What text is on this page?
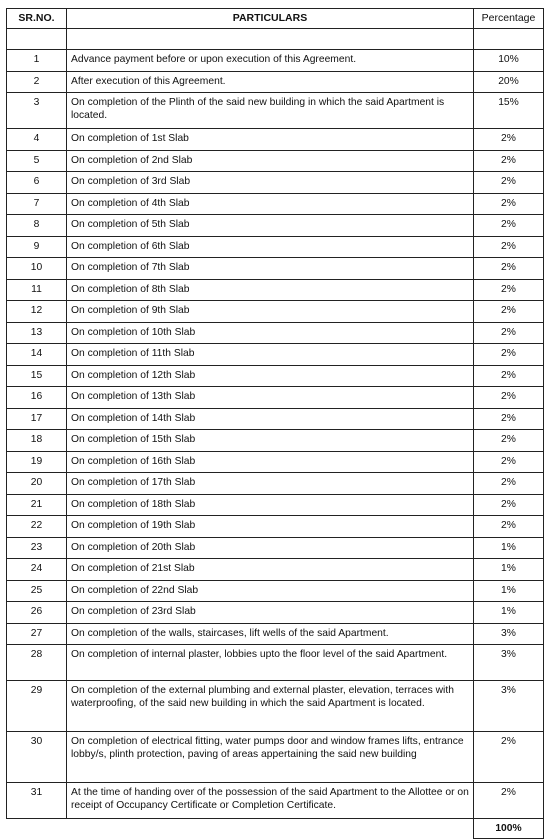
SR.NO.	PARTICULARS	Percentage

1	Advance payment before or upon execution of this Agreement.	10%
2	After execution of this Agreement.	20%
3	On completion of the Plinth of the said new building in which the said Apartment is located.	15%
4	On completion of 1st Slab	2%
5	On completion of 2nd Slab	2%
6	On completion of 3rd Slab	2%
7	On completion of 4th Slab	2%
8	On completion of 5th Slab	2%
9	On completion of 6th Slab	2%
10	On completion of 7th Slab	2%
11	On completion of 8th Slab	2%
12	On completion of 9th Slab	2%
13	On completion of 10th Slab	2%
14	On completion of 11th Slab	2%
15	On completion of 12th Slab	2%
16	On completion of 13th Slab	2%
17	On completion of 14th Slab	2%
18	On completion of 15th Slab	2%
19	On completion of 16th Slab	2%
20	On completion of 17th Slab	2%
21	On completion of 18th Slab	2%
22	On completion of 19th Slab	2%
23	On completion of 20th Slab	1%
24	On completion of 21st Slab	1%
25	On completion of 22nd Slab	1%
26	On completion of 23rd Slab	1%
27	On completion of the walls, staircases, lift wells of the said Apartment.	3%
28	On completion of internal plaster, lobbies upto the floor level of the said Apartment.	3%
29	On completion of the external plumbing and external plaster, elevation, terraces with waterproofing, of the said new building in which the said Apartment is located.	3%
30	On completion of electrical fitting, water pumps door and window frames lifts, entrance lobby/s, plinth protection, paving of areas appertaining the said new building	2%
31	At the time of handing over of the possession of the said Apartment to the Allottee or on receipt of Occupancy Certificate or Completion Certificate.	2%
		100%
